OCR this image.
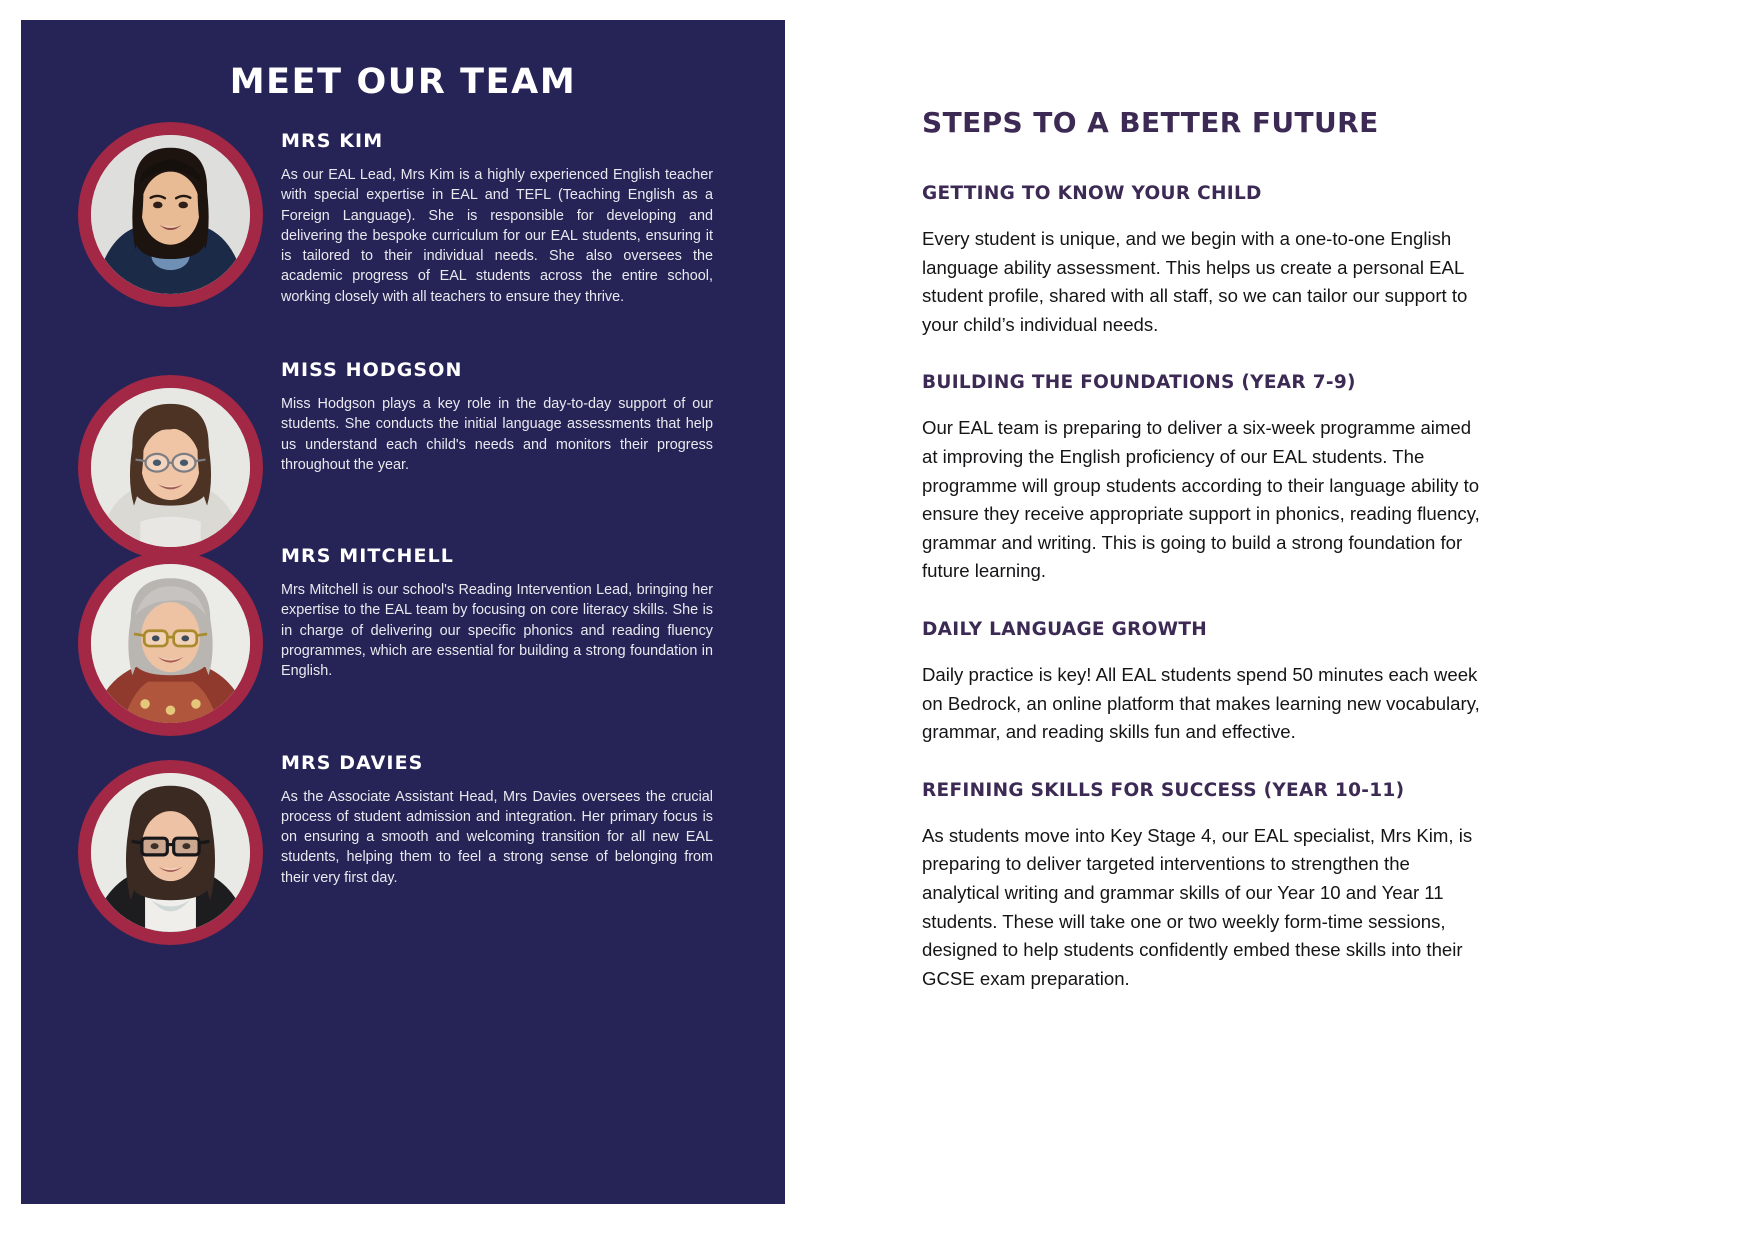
MEET OUR TEAM
MRS KIM

As our EAL Lead, Mrs Kim is a highly experienced English teacher with special expertise in EAL and TEFL (Teaching English as a Foreign Language). She is responsible for developing and delivering the bespoke curriculum for our EAL students, ensuring it is tailored to their individual needs. She also oversees the academic progress of EAL students across the entire school, working closely with all teachers to ensure they thrive.

MISS HODGSON

Miss Hodgson plays a key role in the day-to-day support of our students. She conducts the initial language assessments that help us understand each child's needs and monitors their progress throughout the year.

MRS MITCHELL

Mrs Mitchell is our school's Reading Intervention Lead, bringing her expertise to the EAL team by focusing on core literacy skills. She is in charge of delivering our specific phonics and reading fluency programmes, which are essential for building a strong foundation in English.

MRS DAVIES

As the Associate Assistant Head, Mrs Davies oversees the crucial process of student admission and integration. Her primary focus is on ensuring a smooth and welcoming transition for all new EAL students, helping them to feel a strong sense of belonging from their very first day.

STEPS TO A BETTER FUTURE
GETTING TO KNOW YOUR CHILD

Every student is unique, and we begin with a one-to-one English language ability assessment. This helps us create a personal EAL student profile, shared with all staff, so we can tailor our support to your child’s individual needs.

BUILDING THE FOUNDATIONS (YEAR 7-9)

Our EAL team is preparing to deliver a six-week programme aimed at improving the English proficiency of our EAL students. The programme will group students according to their language ability to ensure they receive appropriate support in phonics, reading fluency, grammar and writing. This is going to build a strong foundation for future learning.

DAILY LANGUAGE GROWTH

Daily practice is key! All EAL students spend 50 minutes each week on Bedrock, an online platform that makes learning new vocabulary, grammar, and reading skills fun and effective.

REFINING SKILLS FOR SUCCESS (YEAR 10-11)

As students move into Key Stage 4, our EAL specialist, Mrs Kim, is preparing to deliver targeted interventions to strengthen the analytical writing and grammar skills of our Year 10 and Year 11 students. These will take one or two weekly form-time sessions, designed to help students confidently embed these skills into their GCSE exam preparation.
